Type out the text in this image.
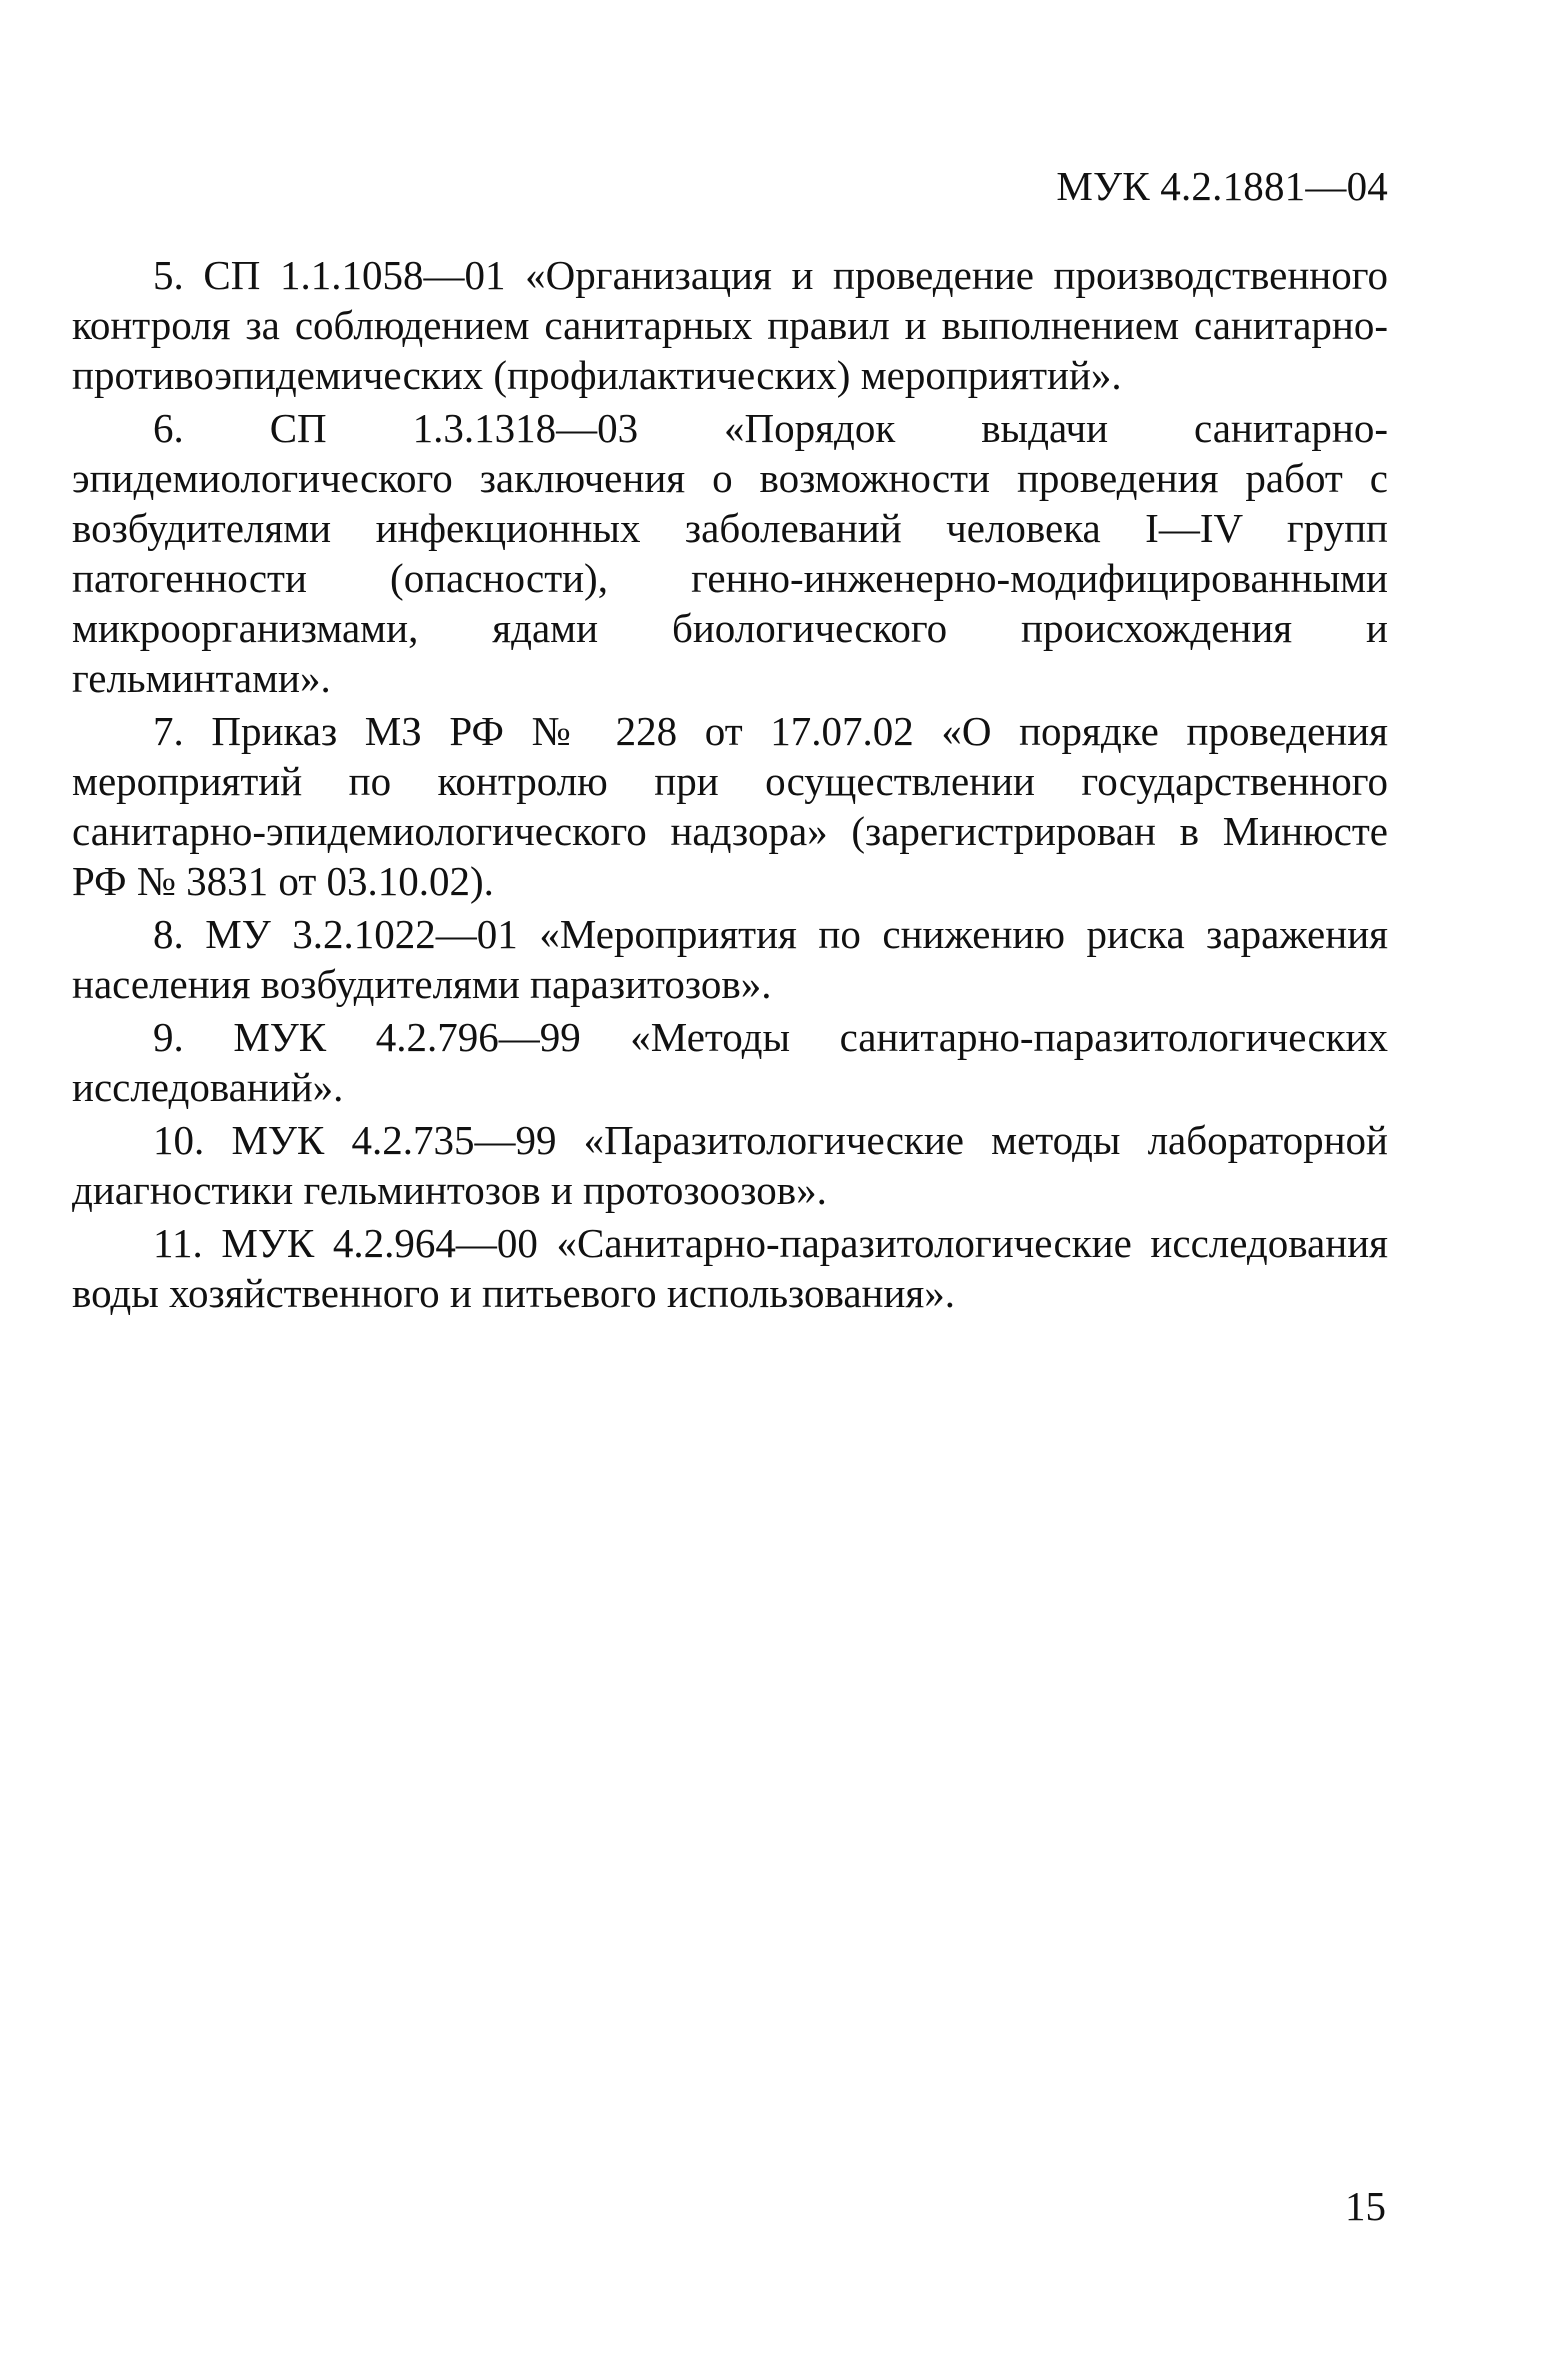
МУК 4.2.1881—04

5. СП 1.1.1058—01 «Организация и проведение производственного контроля за соблюдением санитарных правил и выполнением санитарно-противоэпидемических (профилактических) мероприятий».
6. СП 1.3.1318—03 «Порядок выдачи санитарно-эпидемиологического заключения о возможности проведения работ с возбудителями инфекционных заболеваний человека I—IV групп патогенности (опасности), генно-инженерно-модифицированными микроорганизмами, ядами биологического происхождения и гельминтами».
7. Приказ МЗ РФ № 228 от 17.07.02 «О порядке проведения мероприятий по контролю при осуществлении государственного санитарно-эпидемиологического надзора» (зарегистрирован в Минюсте РФ № 3831 от 03.10.02).
8. МУ 3.2.1022—01 «Мероприятия по снижению риска заражения населения возбудителями паразитозов».
9. МУК 4.2.796—99 «Методы санитарно-паразитологических исследований».
10. МУК 4.2.735—99 «Паразитологические методы лабораторной диагностики гельминтозов и протозоозов».
11. МУК 4.2.964—00 «Санитарно-паразитологические исследования воды хозяйственного и питьевого использования».

15
